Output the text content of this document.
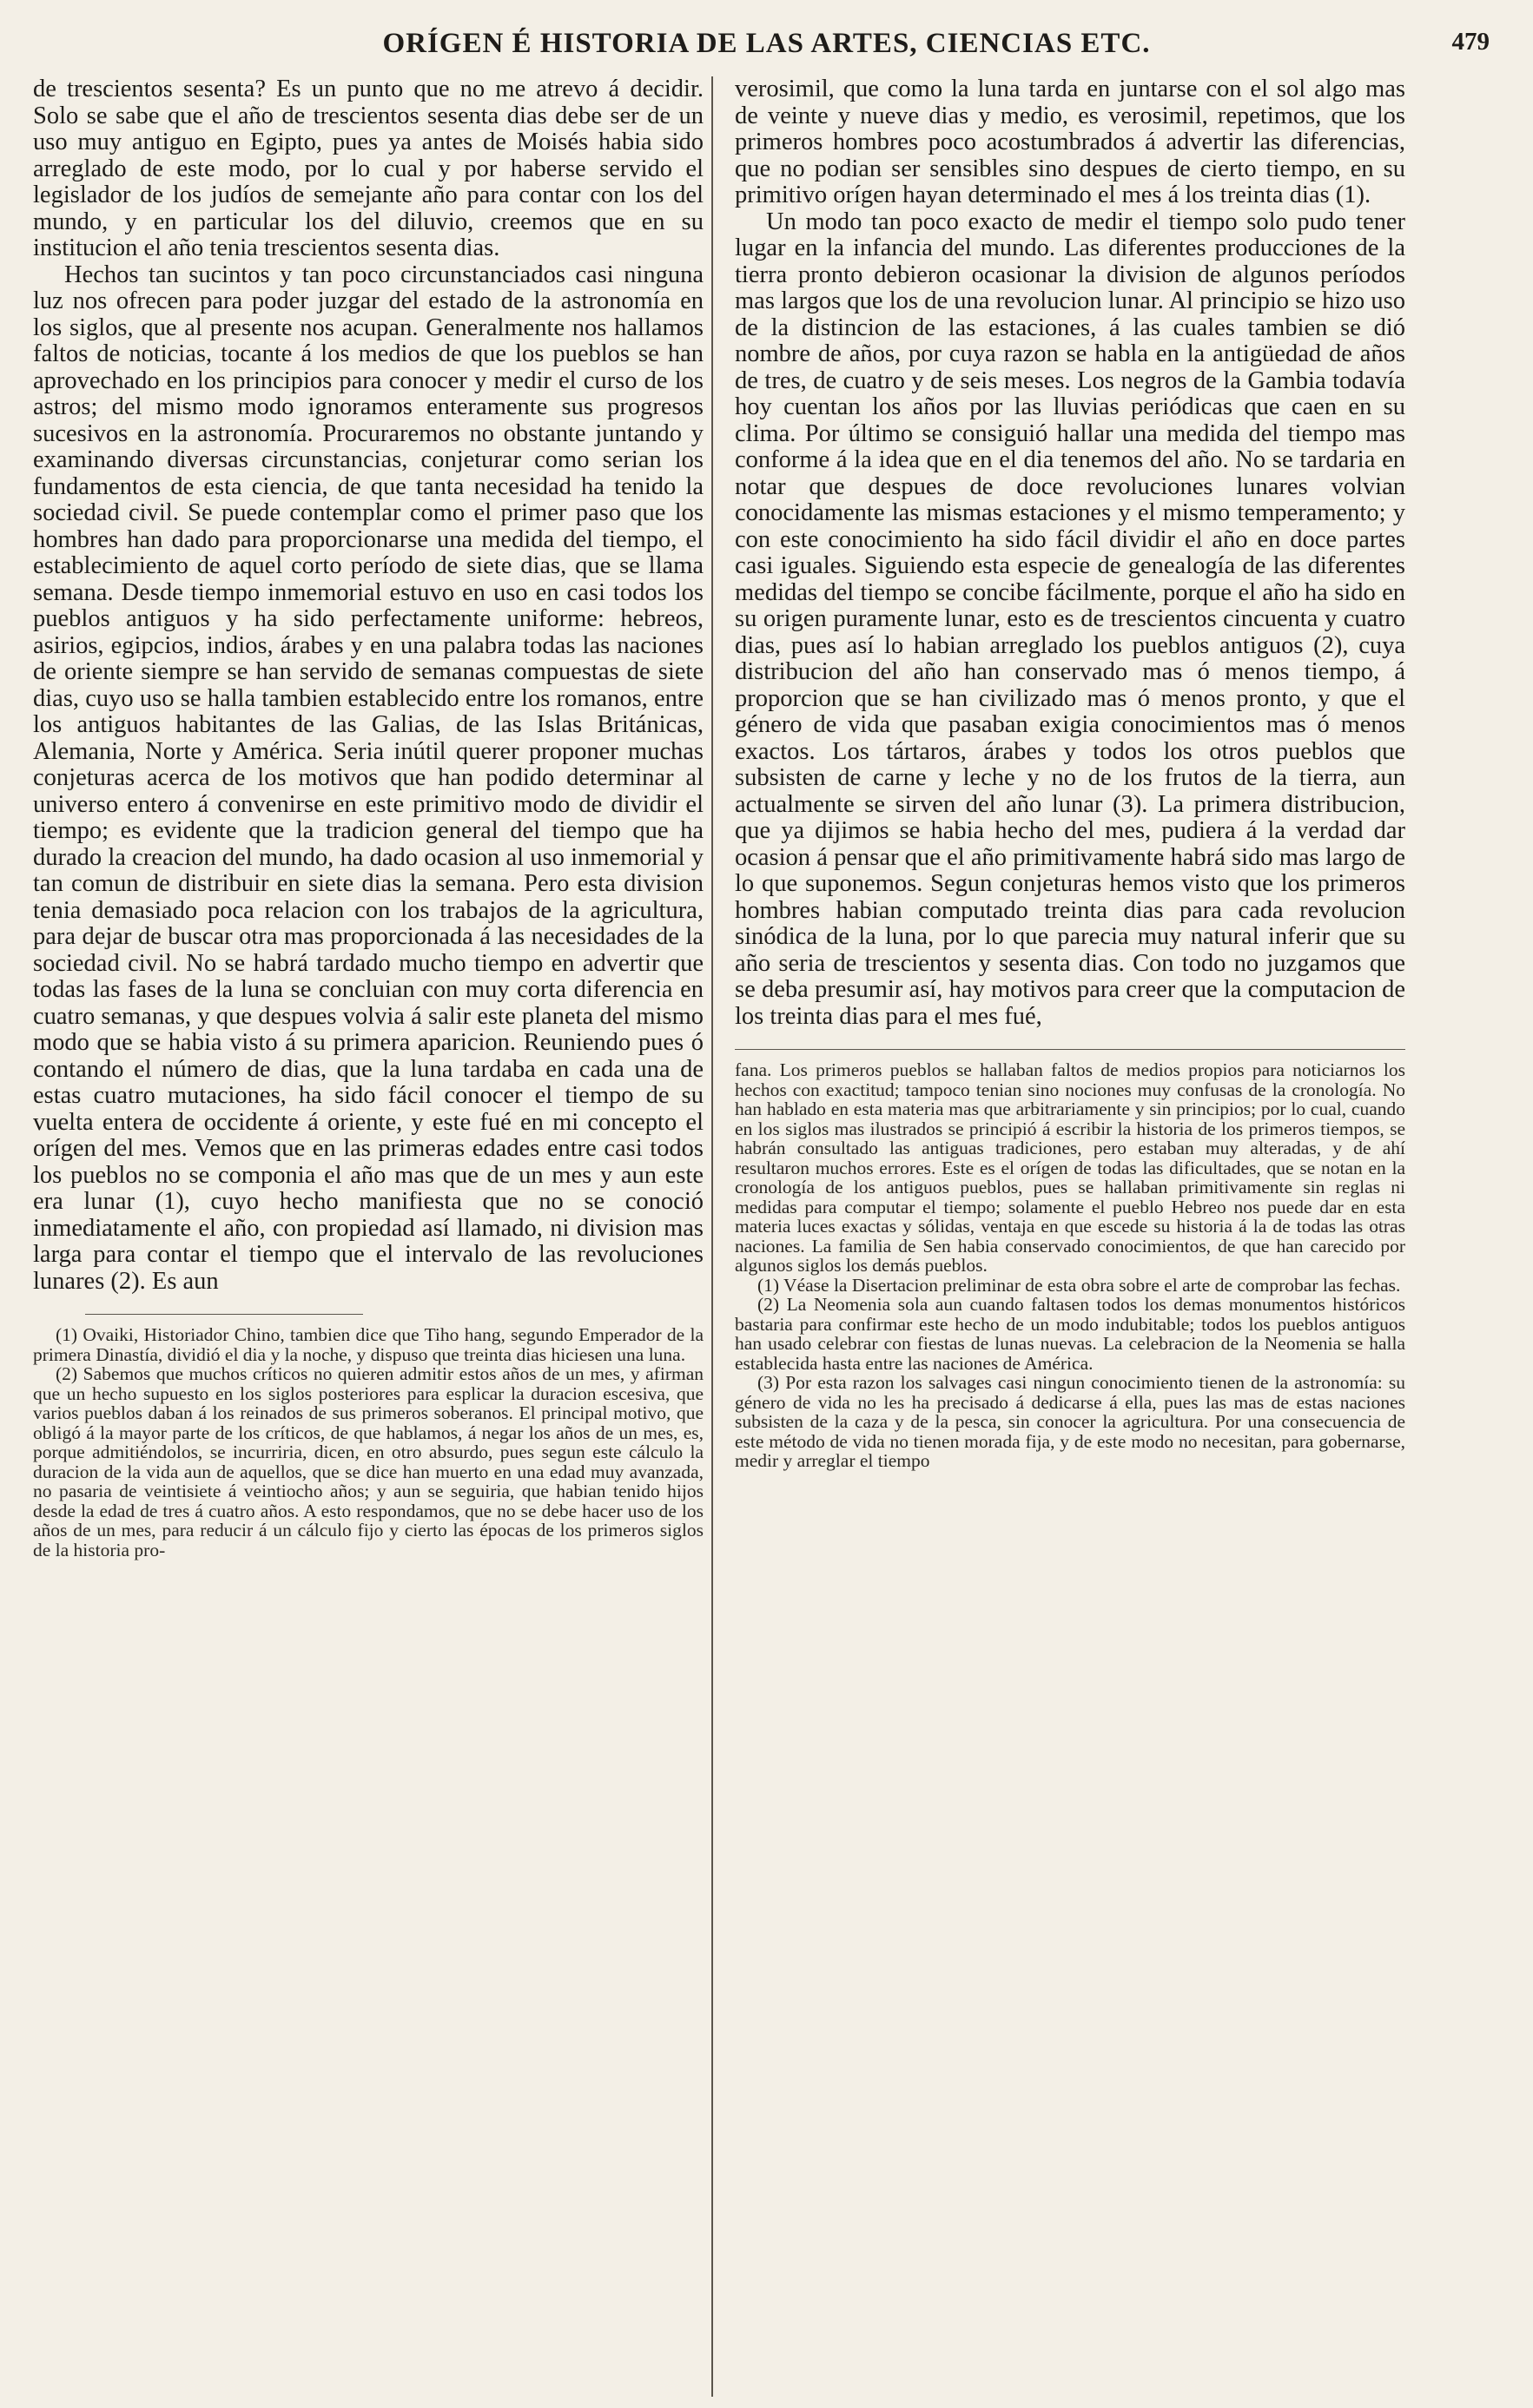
ORÍGEN É HISTORIA DE LAS ARTES, CIENCIAS ETC.	479

de trescientos sesenta? Es un punto que no me atrevo á decidir. Solo se sabe que el año de trescientos sesenta dias debe ser de un uso muy antiguo en Egipto, pues ya antes de Moisés habia sido arreglado de este modo, por lo cual y por haberse servido el legislador de los judíos de semejante año para contar con los del mundo, y en particular los del diluvio, creemos que en su institucion el año tenia trescientos sesenta dias.

Hechos tan sucintos y tan poco circunstanciados casi ninguna luz nos ofrecen para poder juzgar del estado de la astronomía en los siglos, que al presente nos acupan. Generalmente nos hallamos faltos de noticias, tocante á los medios de que los pueblos se han aprovechado en los principios para conocer y medir el curso de los astros; del mismo modo ignoramos enteramente sus progresos sucesivos en la astronomía. Procuraremos no obstante juntando y examinando diversas circunstancias, conjeturar como serian los fundamentos de esta ciencia, de que tanta necesidad ha tenido la sociedad civil. Se puede contemplar como el primer paso que los hombres han dado para proporcionarse una medida del tiempo, el establecimiento de aquel corto período de siete dias, que se llama semana. Desde tiempo inmemorial estuvo en uso en casi todos los pueblos antiguos y ha sido perfectamente uniforme: hebreos, asirios, egipcios, indios, árabes y en una palabra todas las naciones de oriente siempre se han servido de semanas compuestas de siete dias, cuyo uso se halla tambien establecido entre los romanos, entre los antiguos habitantes de las Galias, de las Islas Británicas, Alemania, Norte y América. Seria inútil querer proponer muchas conjeturas acerca de los motivos que han podido determinar al universo entero á convenirse en este primitivo modo de dividir el tiempo; es evidente que la tradicion general del tiempo que ha durado la creacion del mundo, ha dado ocasion al uso inmemorial y tan comun de distribuir en siete dias la semana. Pero esta division tenia demasiado poca relacion con los trabajos de la agricultura, para dejar de buscar otra mas proporcionada á las necesidades de la sociedad civil. No se habrá tardado mucho tiempo en advertir que todas las fases de la luna se concluian con muy corta diferencia en cuatro semanas, y que despues volvia á salir este planeta del mismo modo que se habia visto á su primera aparicion. Reuniendo pues ó contando el número de dias, que la luna tardaba en cada una de estas cuatro mutaciones, ha sido fácil conocer el tiempo de su vuelta entera de occidente á oriente, y este fué en mi concepto el orígen del mes. Vemos que en las primeras edades entre casi todos los pueblos no se componia el año mas que de un mes y aun este era lunar (1), cuyo hecho manifiesta que no se conoció inmediatamente el año, con propiedad así llamado, ni division mas larga para contar el tiempo que el intervalo de las revoluciones lunares (2). Es aun

(1) Ovaiki, Historiador Chino, tambien dice que Tiho hang, segundo Emperador de la primera Dinastía, dividió el dia y la noche, y dispuso que treinta dias hiciesen una luna.

(2) Sabemos que muchos críticos no quieren admitir estos años de un mes, y afirman que un hecho supuesto en los siglos posteriores para esplicar la duracion escesiva, que varios pueblos daban á los reinados de sus primeros soberanos. El principal motivo, que obligó á la mayor parte de los críticos, de que hablamos, á negar los años de un mes, es, porque admitiéndolos, se incurriria, dicen, en otro absurdo, pues segun este cálculo la duracion de la vida aun de aquellos, que se dice han muerto en una edad muy avanzada, no pasaria de veintisiete á veintiocho años; y aun se seguiria, que habian tenido hijos desde la edad de tres á cuatro años. A esto respondamos, que no se debe hacer uso de los años de un mes, para reducir á un cálculo fijo y cierto las épocas de los primeros siglos de la historia pro-

verosimil, que como la luna tarda en juntarse con el sol algo mas de veinte y nueve dias y medio, es verosimil, repetimos, que los primeros hombres poco acostumbrados á advertir las diferencias, que no podian ser sensibles sino despues de cierto tiempo, en su primitivo orígen hayan determinado el mes á los treinta dias (1).

Un modo tan poco exacto de medir el tiempo solo pudo tener lugar en la infancia del mundo. Las diferentes producciones de la tierra pronto debieron ocasionar la division de algunos períodos mas largos que los de una revolucion lunar. Al principio se hizo uso de la distincion de las estaciones, á las cuales tambien se dió nombre de años, por cuya razon se habla en la antigüedad de años de tres, de cuatro y de seis meses. Los negros de la Gambia todavía hoy cuentan los años por las lluvias periódicas que caen en su clima. Por último se consiguió hallar una medida del tiempo mas conforme á la idea que en el dia tenemos del año. No se tardaria en notar que despues de doce revoluciones lunares volvian conocidamente las mismas estaciones y el mismo temperamento; y con este conocimiento ha sido fácil dividir el año en doce partes casi iguales. Siguiendo esta especie de genealogía de las diferentes medidas del tiempo se concibe fácilmente, porque el año ha sido en su origen puramente lunar, esto es de trescientos cincuenta y cuatro dias, pues así lo habian arreglado los pueblos antiguos (2), cuya distribucion del año han conservado mas ó menos tiempo, á proporcion que se han civilizado mas ó menos pronto, y que el género de vida que pasaban exigia conocimientos mas ó menos exactos. Los tártaros, árabes y todos los otros pueblos que subsisten de carne y leche y no de los frutos de la tierra, aun actualmente se sirven del año lunar (3). La primera distribucion, que ya dijimos se habia hecho del mes, pudiera á la verdad dar ocasion á pensar que el año primitivamente habrá sido mas largo de lo que suponemos. Segun conjeturas hemos visto que los primeros hombres habian computado treinta dias para cada revolucion sinódica de la luna, por lo que parecia muy natural inferir que su año seria de trescientos y sesenta dias. Con todo no juzgamos que se deba presumir así, hay motivos para creer que la computacion de los treinta dias para el mes fué,

fana. Los primeros pueblos se hallaban faltos de medios propios para noticiarnos los hechos con exactitud; tampoco tenian sino nociones muy confusas de la cronología. No han hablado en esta materia mas que arbitrariamente y sin principios; por lo cual, cuando en los siglos mas ilustrados se principió á escribir la historia de los primeros tiempos, se habrán consultado las antiguas tradiciones, pero estaban muy alteradas, y de ahí resultaron muchos errores. Este es el orígen de todas las dificultades, que se notan en la cronología de los antiguos pueblos, pues se hallaban primitivamente sin reglas ni medidas para computar el tiempo; solamente el pueblo Hebreo nos puede dar en esta materia luces exactas y sólidas, ventaja en que escede su historia á la de todas las otras naciones. La familia de Sen habia conservado conocimientos, de que han carecido por algunos siglos los demás pueblos.

(1) Véase la Disertacion preliminar de esta obra sobre el arte de comprobar las fechas.

(2) La Neomenia sola aun cuando faltasen todos los demas monumentos históricos bastaria para confirmar este hecho de un modo indubitable; todos los pueblos antiguos han usado celebrar con fiestas de lunas nuevas. La celebracion de la Neomenia se halla establecida hasta entre las naciones de América.

(3) Por esta razon los salvages casi ningun conocimiento tienen de la astronomía: su género de vida no les ha precisado á dedicarse á ella, pues las mas de estas naciones subsisten de la caza y de la pesca, sin conocer la agricultura. Por una consecuencia de este método de vida no tienen morada fija, y de este modo no necesitan, para gobernarse, medir y arreglar el tiempo
